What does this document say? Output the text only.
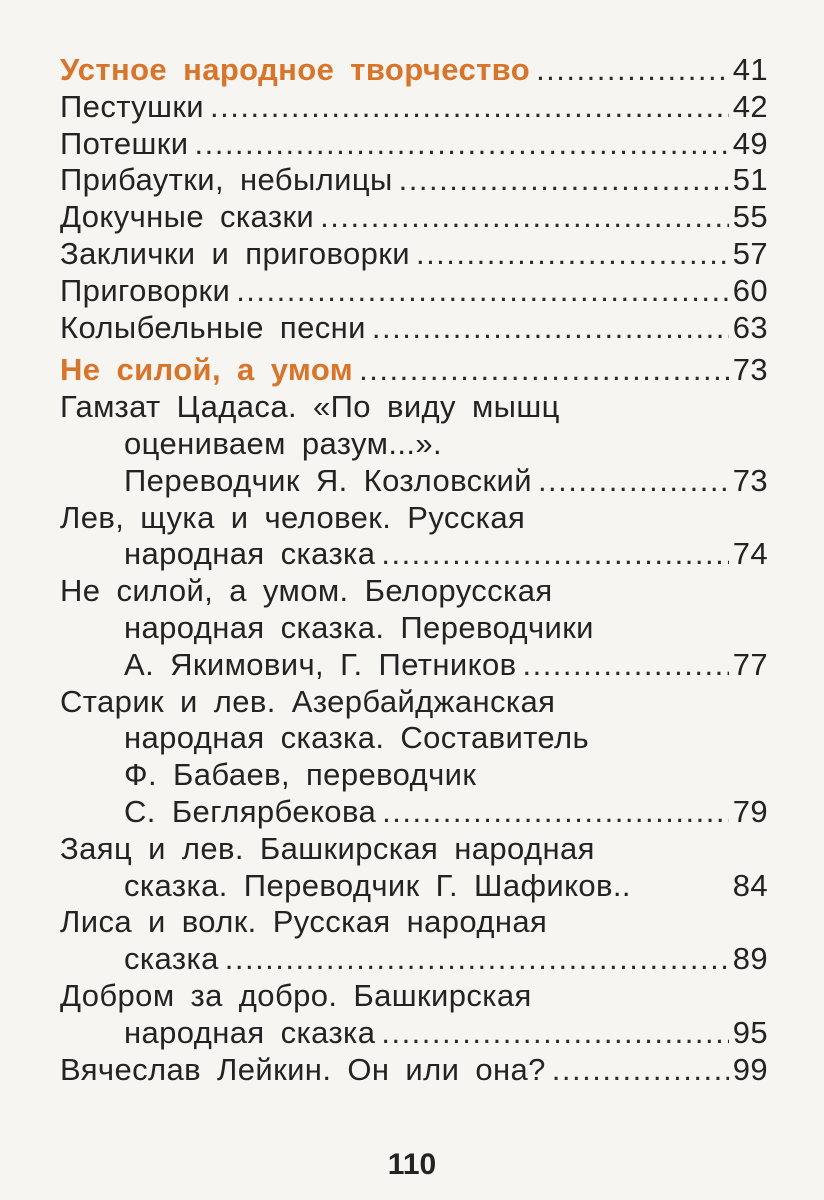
Устное народное творчество .....	41
Пестушки .....	42
Потешки .....	49
Прибаутки, небылицы .....	51
Докучные сказки .....	55
Заклички и приговорки .....	57
Приговорки .....	60
Колыбельные песни .....	63
Не силой, а умом .....	73
Гамзат Цадаса. «По виду мышц
оцениваем разум...».
Переводчик Я. Козловский .....	73
Лев, щука и человек. Русская
народная сказка .....	74
Не силой, а умом. Белорусская
народная сказка. Переводчики
А. Якимович, Г. Петников .....	77
Старик и лев. Азербайджанская
народная сказка. Составитель
Ф. Бабаев, переводчик
С. Беглярбекова .....	79
Заяц и лев. Башкирская народная
сказка. Переводчик Г. Шафиков..	84
Лиса и волк. Русская народная
сказка .....	89
Добром за добро. Башкирская
народная сказка .....	95
Вячеслав Лейкин. Он или она? .....	99
110
